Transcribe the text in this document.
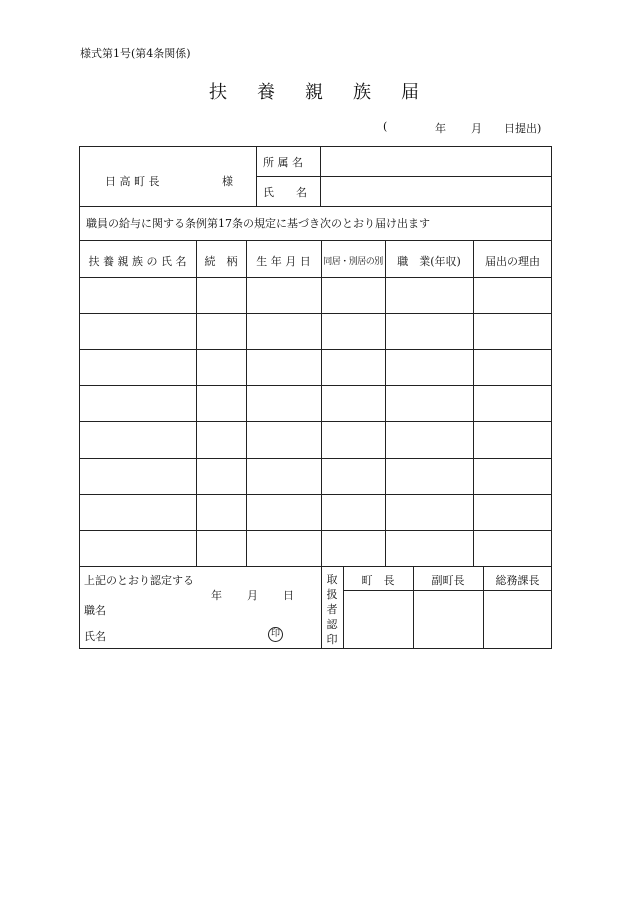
様式第1号(第4条関係)
扶 養 親 族 届
(	年 月 日提出)
日 高 町 長	様
所 属 名
氏　　名
職員の給与に関する条例第17条の規定に基づき次のとおり届け出ます
扶 養 親 族 の 氏 名	続　柄	生 年 月 日	同居・別居の別	職　業(年収)	届出の理由
上記のとおり認定する
年 月 日
職名
氏名	印
取扱者認印
町　長	副町長	総務課長
